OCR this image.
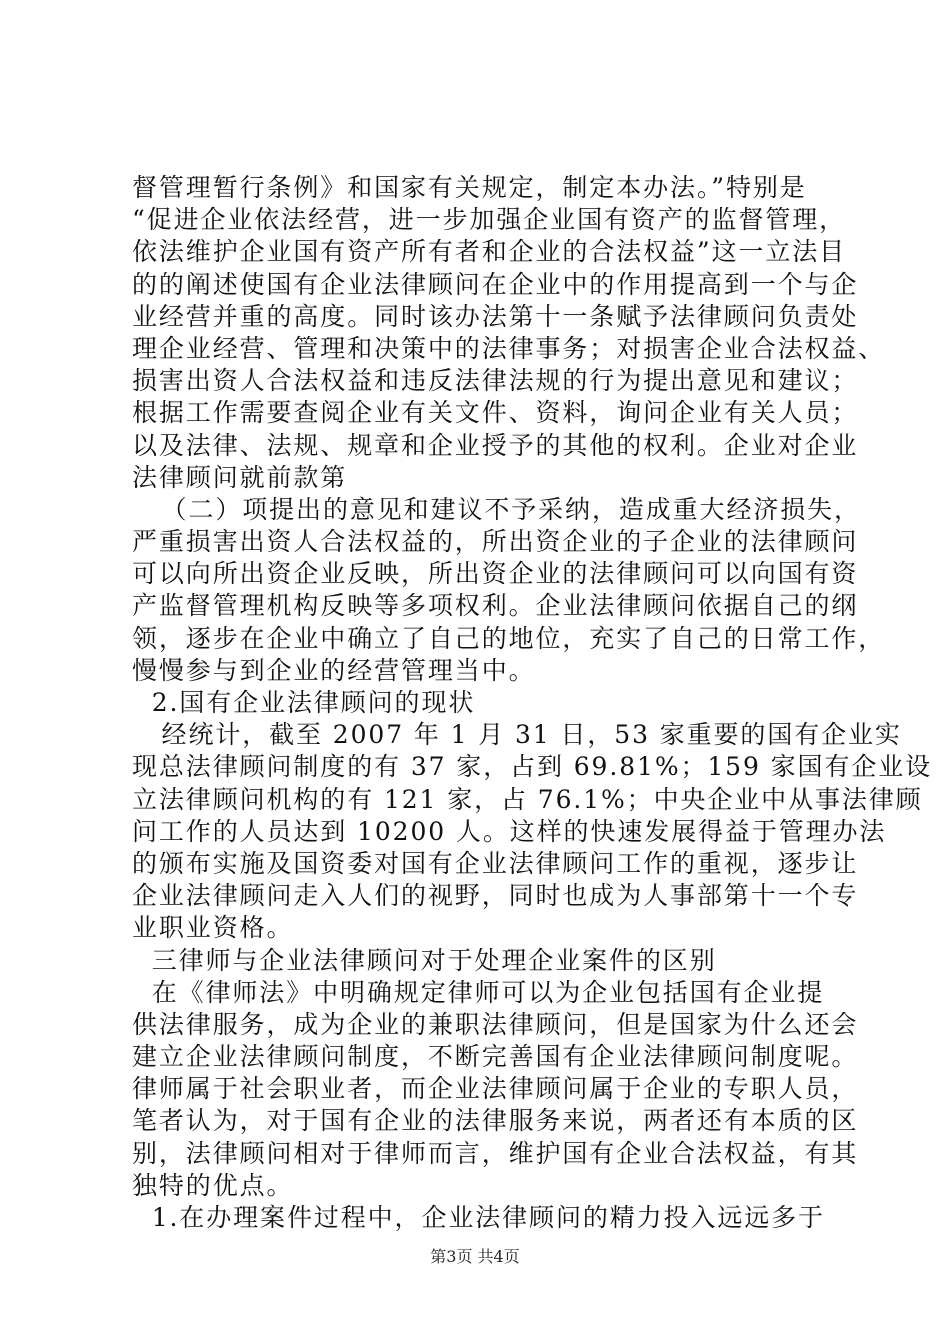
督管理暂行条例》和国家有关规定，制定本办法。”特别是
“促进企业依法经营，进一步加强企业国有资产的监督管理，
依法维护企业国有资产所有者和企业的合法权益”这一立法目
的的阐述使国有企业法律顾问在企业中的作用提高到一个与企
业经营并重的高度。同时该办法第十一条赋予法律顾问负责处
理企业经营、管理和决策中的法律事务；对损害企业合法权益、
损害出资人合法权益和违反法律法规的行为提出意见和建议；
根据工作需要查阅企业有关文件、资料，询问企业有关人员；
以及法律、法规、规章和企业授予的其他的权利。企业对企业
法律顾问就前款第
（二）项提出的意见和建议不予采纳，造成重大经济损失，
严重损害出资人合法权益的，所出资企业的子企业的法律顾问
可以向所出资企业反映，所出资企业的法律顾问可以向国有资
产监督管理机构反映等多项权利。企业法律顾问依据自己的纲
领，逐步在企业中确立了自己的地位，充实了自己的日常工作，
慢慢参与到企业的经营管理当中。
2.国有企业法律顾问的现状
经统计，截至 2007 年 1 月 31 日，53 家重要的国有企业实
现总法律顾问制度的有 37 家，占到 69.81%；159 家国有企业设
立法律顾问机构的有 121 家，占 76.1%；中央企业中从事法律顾
问工作的人员达到 10200 人。这样的快速发展得益于管理办法
的颁布实施及国资委对国有企业法律顾问工作的重视，逐步让
企业法律顾问走入人们的视野，同时也成为人事部第十一个专
业职业资格。
三律师与企业法律顾问对于处理企业案件的区别
在《律师法》中明确规定律师可以为企业包括国有企业提
供法律服务，成为企业的兼职法律顾问，但是国家为什么还会
建立企业法律顾问制度，不断完善国有企业法律顾问制度呢。
律师属于社会职业者，而企业法律顾问属于企业的专职人员，
笔者认为，对于国有企业的法律服务来说，两者还有本质的区
别，法律顾问相对于律师而言，维护国有企业合法权益，有其
独特的优点。
1.在办理案件过程中，企业法律顾问的精力投入远远多于
第3页 共4页
